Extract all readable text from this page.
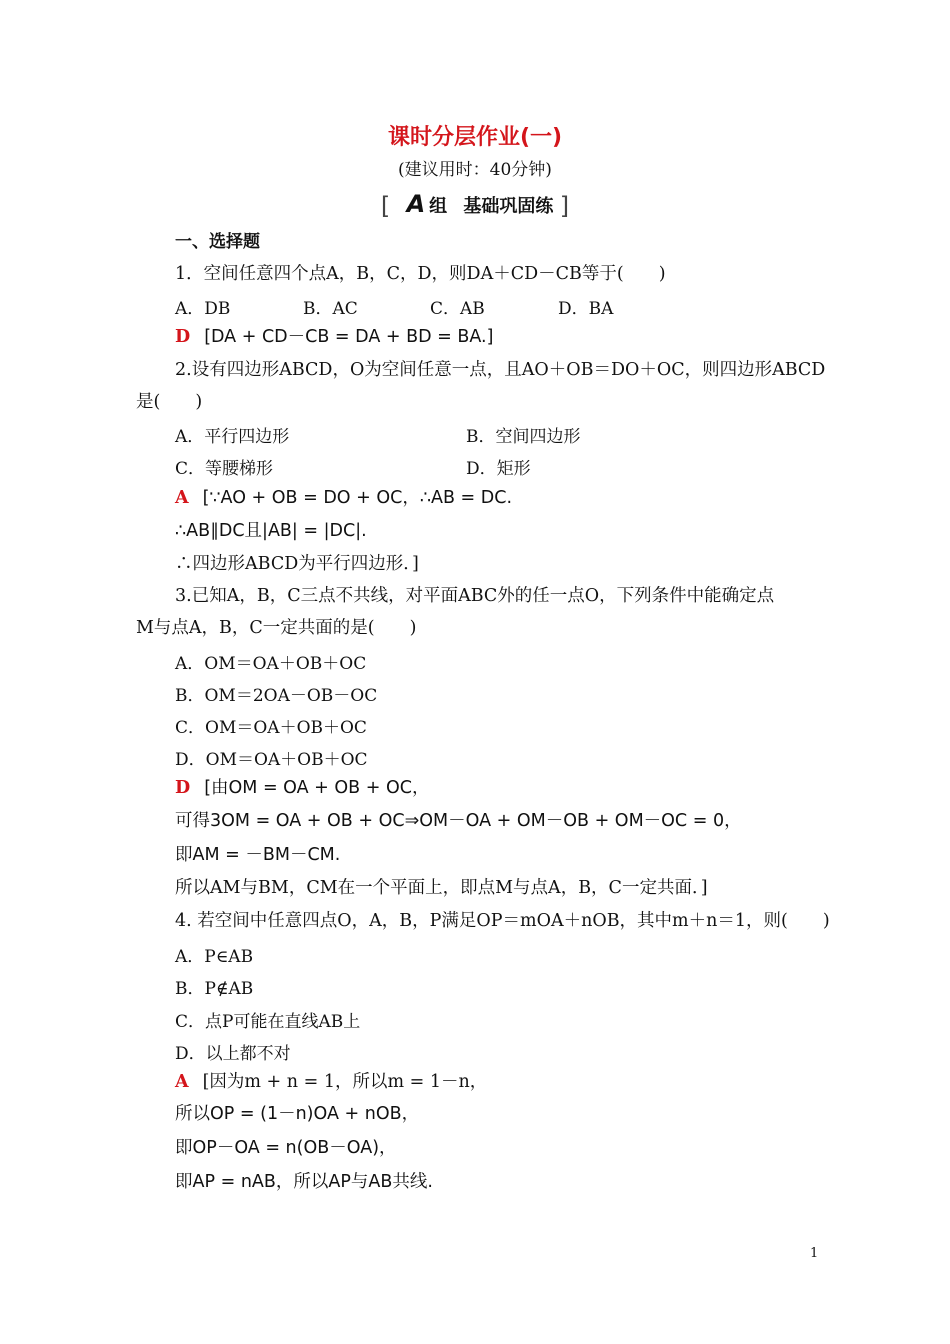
课时分层作业(一)
(建议用时：40分钟)
[ A 组 基础巩固练 ]
一、选择题
1．空间任意四个点A，B，C，D，则DA＋CD－CB等于(　　)
A．DB	B．AC	C．AB	D．BA
D [DA + CD－CB = DA + BD = BA.]
2.设有四边形ABCD，O为空间任意一点，且AO＋OB＝DO＋OC，则四边形ABCD
是(　　)
A．平行四边形	B．空间四边形
C．等腰梯形	D．矩形
A [∵AO + OB = DO + OC，∴AB = DC.
∴AB∥DC且|AB| = |DC|.
∴四边形ABCD为平行四边形．]
3.已知A，B，C三点不共线，对平面ABC外的任一点O，下列条件中能确定点
M与点A，B，C一定共面的是(　　)
A．OM＝OA＋OB＋OC
B．OM＝2OA－OB－OC
C．OM＝OA＋OB＋OC
D．OM＝OA＋OB＋OC
D [由OM = OA + OB + OC，
可得3OM = OA + OB + OC⇒OM－OA + OM－OB + OM－OC = 0，
即AM = －BM－CM.
所以AM与BM，CM在一个平面上，即点M与点A，B，C一定共面．]
4. 若空间中任意四点O，A，B，P满足OP＝mOA＋nOB，其中m＋n＝1，则(　　)
A．P∈AB
B．P∉AB
C．点P可能在直线AB上
D．以上都不对
A [因为m + n = 1，所以m = 1－n，
所以OP = (1－n)OA + nOB，
即OP－OA = n(OB－OA)，
即AP = nAB，所以AP与AB共线.
1
